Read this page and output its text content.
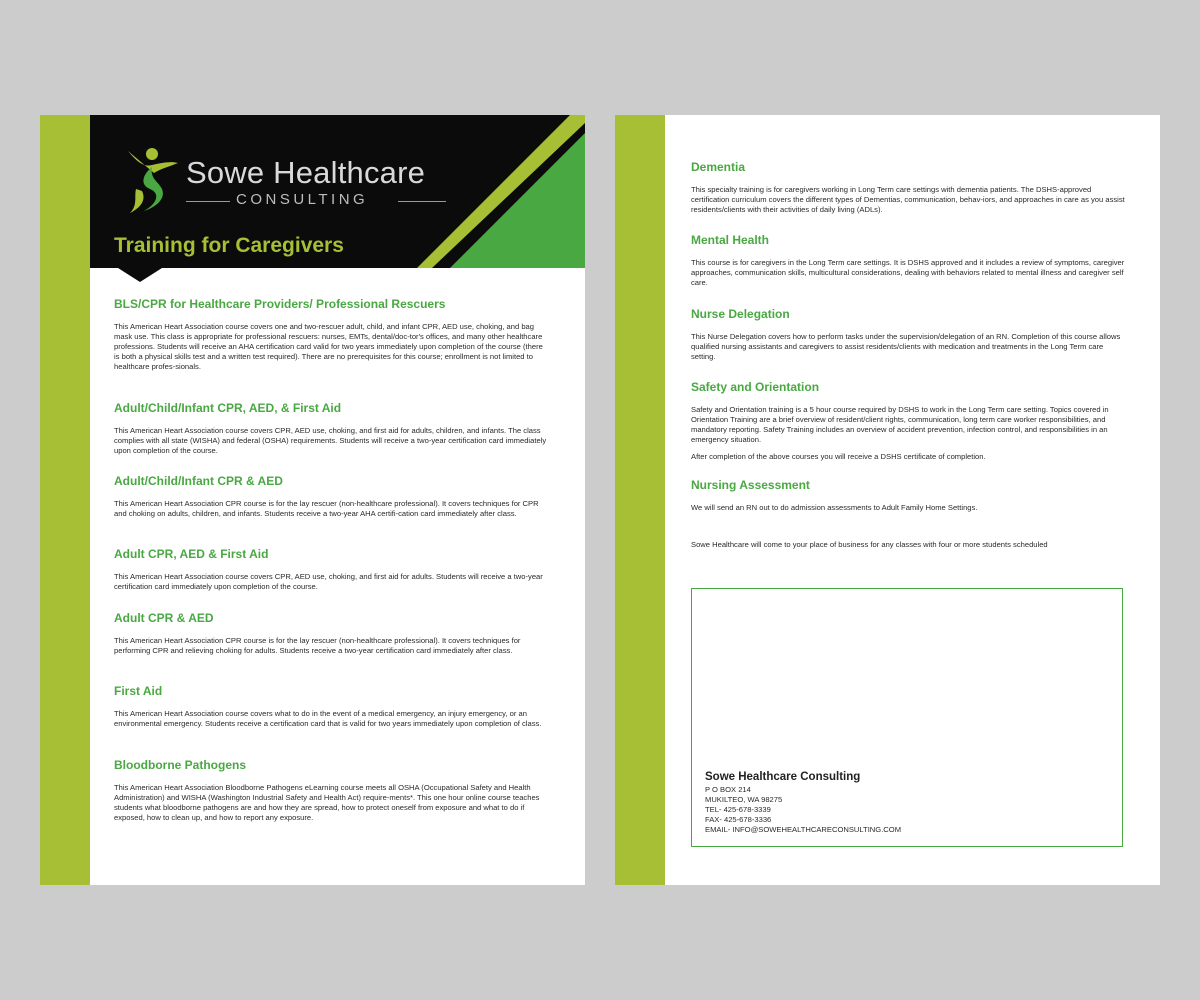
Sowe Healthcare
CONSULTING
Training for Caregivers
BLS/CPR for Healthcare Providers/ Professional Rescuers

This American Heart Association course covers one and two-rescuer adult, child, and infant CPR, AED use, choking, and bag mask use. This class is appropriate for professional rescuers: nurses, EMTs, dental/doc-tor's offices, and many other healthcare professions. Students will receive an AHA certification card valid for two years immediately upon completion of the course (there is both a physical skills test and a written test required). There are no prerequisites for this course; enrollment is not limited to healthcare profes-sionals.

Adult/Child/Infant CPR, AED, & First Aid

This American Heart Association course covers CPR, AED use, choking, and first aid for adults, children, and infants. The class complies with all state (WISHA) and federal (OSHA) requirements. Students will receive a two-year certification card immediately upon completion of the course.

Adult/Child/Infant CPR & AED

This American Heart Association CPR course is for the lay rescuer (non-healthcare professional). It covers techniques for CPR and choking on adults, children, and infants. Students receive a two-year AHA certifi-cation card immediately after class.

Adult CPR, AED & First Aid

This American Heart Association course covers CPR, AED use, choking, and first aid for adults. Students will receive a two-year certification card immediately upon completion of the course.

Adult CPR & AED

This American Heart Association CPR course is for the lay rescuer (non-healthcare professional). It covers techniques for performing CPR and relieving choking for adults. Students receive a two-year certification card immediately after class.

First Aid

This American Heart Association course covers what to do in the event of a medical emergency, an injury emergency, or an environmental emergency. Students receive a certification card that is valid for two years immediately upon completion of class.

Bloodborne Pathogens

This American Heart Association Bloodborne Pathogens eLearning course meets all OSHA (Occupational Safety and Health Administration) and WISHA (Washington Industrial Safety and Health Act) require-ments*. This one hour online course teaches students what bloodborne pathogens are and how they are spread, how to protect oneself from exposure and what to do if exposed, how to clean up, and how to report any exposure.

Dementia

This specialty training is for caregivers working in Long Term care settings with dementia patients. The DSHS-approved certification curriculum covers the different types of Dementias, communication, behav-iors, and approaches in care as you assist residents/clients with their activities of daily living (ADLs).

Mental Health

This course is for caregivers in the Long Term care settings. It is DSHS approved and it includes a review of symptoms, caregiver approaches, communication skills, multicultural considerations, dealing with behaviors related to mental illness and caregiver self care.

Nurse Delegation

This Nurse Delegation covers how to perform tasks under the supervision/delegation of an RN. Completion of this course allows qualified nursing assistants and caregivers to assist residents/clients with medication and treatments in the Long Term care setting.

Safety and Orientation

Safety and Orientation training is a 5 hour course required by DSHS to work in the Long Term care setting. Topics covered in Orientation Training are a brief overview of resident/client rights, communication, long term care worker responsibilities, and mandatory reporting. Safety Training includes an overview of accident prevention, infection control, and responsibilities in an emergency situation.

After completion of the above courses you will receive a DSHS certificate of completion.

Nursing Assessment

We will send an RN out to do admission assessments to Adult Family Home Settings.

Sowe Healthcare will come to your place of business for any classes with four or more students scheduled

Sowe Healthcare Consulting

P O BOX 214

MUKILTEO, WA 98275

TEL- 425-678-3339

FAX- 425-678-3336

EMAIL- INFO@SOWEHEALTHCARECONSULTING.COM
